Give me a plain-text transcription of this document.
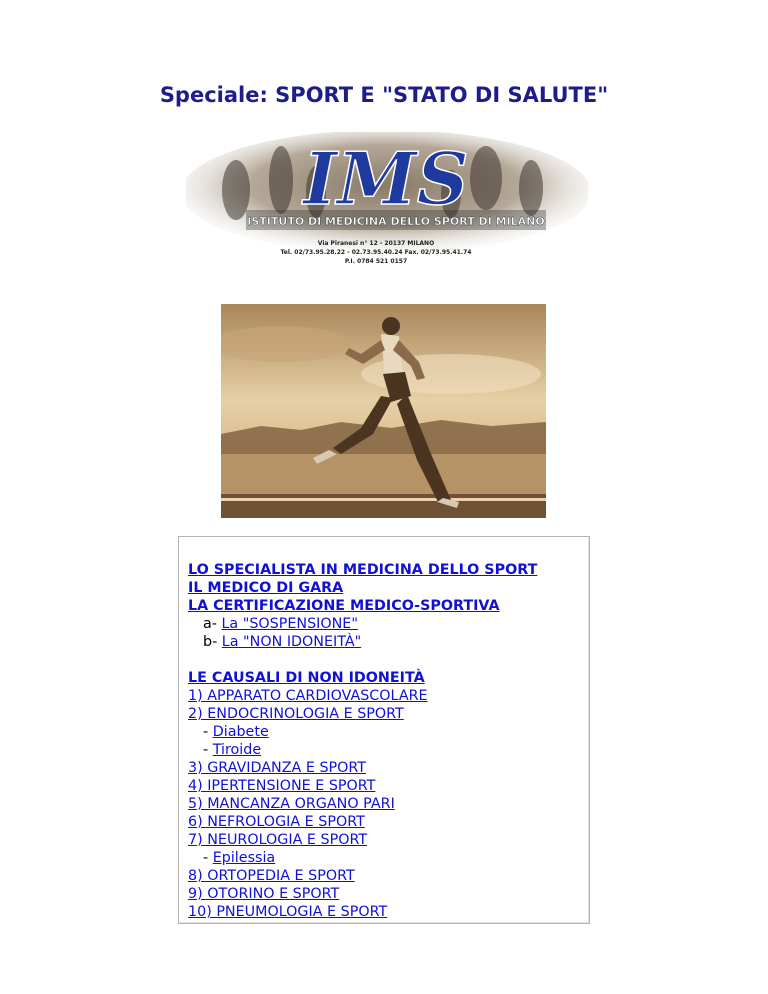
Speciale: SPORT E "STATO DI SALUTE"
IMS
ISTITUTO DI MEDICINA DELLO SPORT DI MILANO
Via Piranesi n° 12 - 20137 MILANO
Tel. 02/73.95.28.22 - 02.73.95.40.24 Fax. 02/73.95.41.74
P.I. 0784 521 0157
LO SPECIALISTA IN MEDICINA DELLO SPORT
IL MEDICO DI GARA
LA CERTIFICAZIONE MEDICO-SPORTIVA
a- La "SOSPENSIONE"
b- La "NON IDONEITÀ"
LE CAUSALI DI NON IDONEITÀ
1) APPARATO CARDIOVASCOLARE
2) ENDOCRINOLOGIA E SPORT
- Diabete
- Tiroide
3) GRAVIDANZA E SPORT
4) IPERTENSIONE E SPORT
5) MANCANZA ORGANO PARI
6) NEFROLOGIA E SPORT
7) NEUROLOGIA E SPORT
- Epilessia
8) ORTOPEDIA E SPORT
9) OTORINO E SPORT
10) PNEUMOLOGIA E SPORT
